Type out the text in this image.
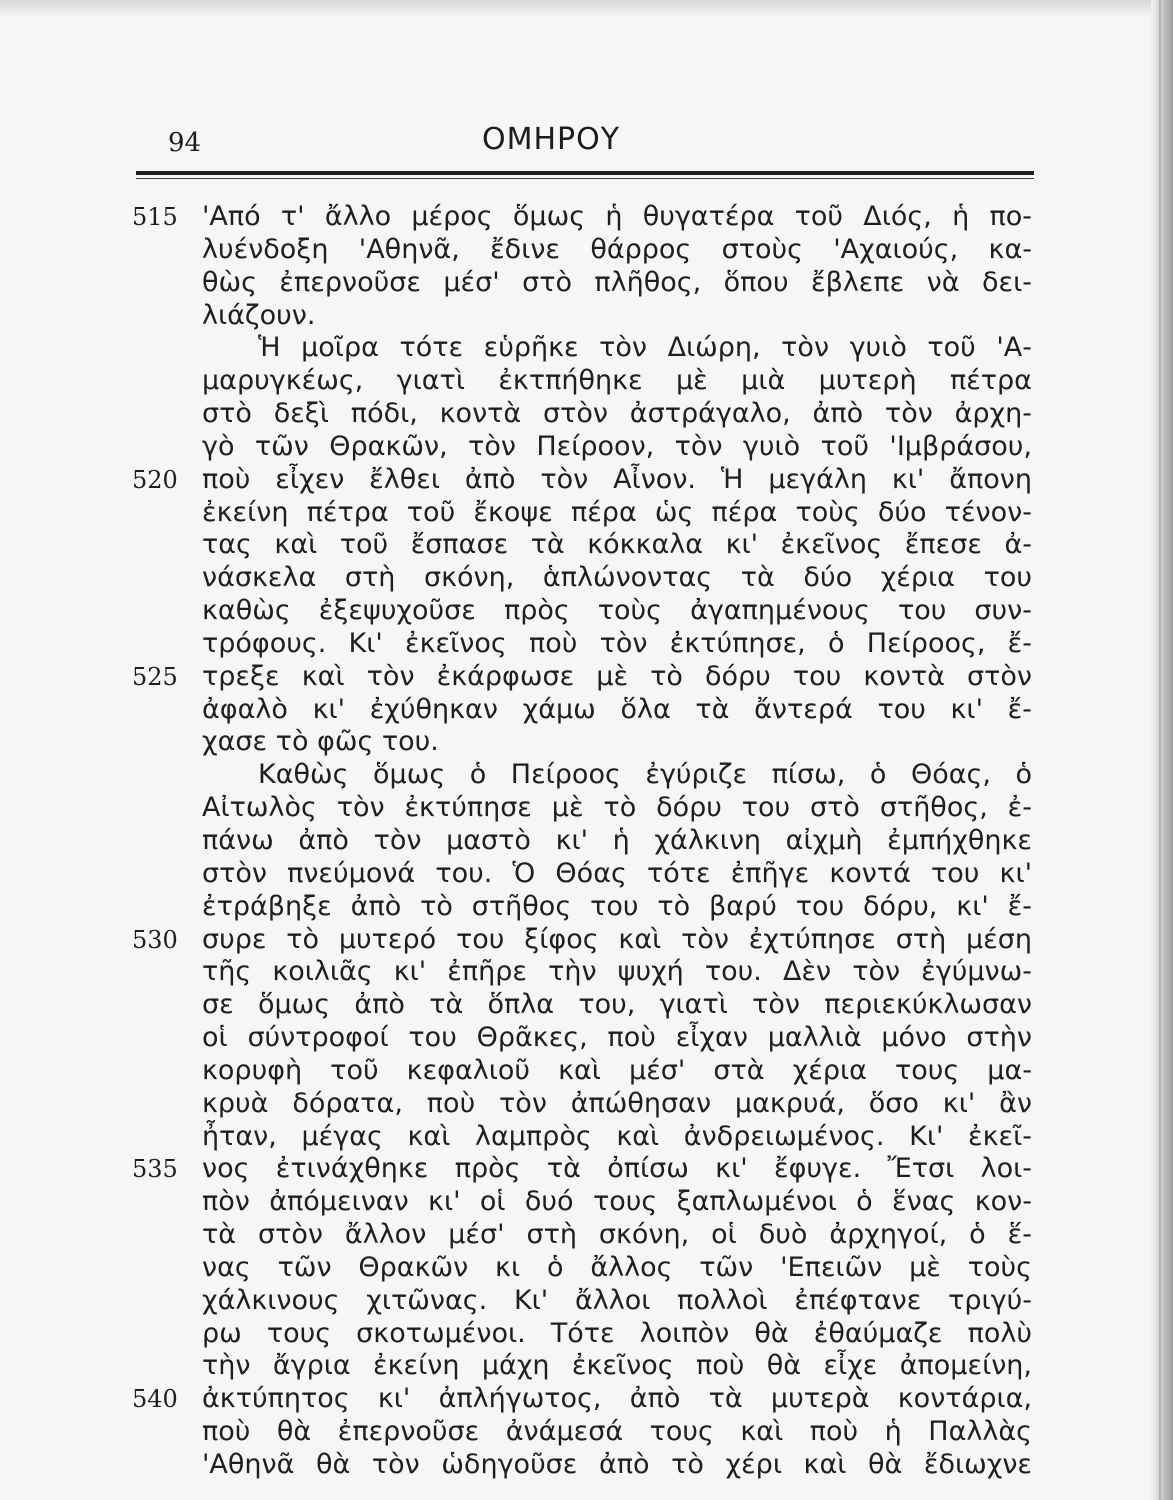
94	ΟΜΗΡΟΥ
515
520
525
530
535
540
'Από τ' ἄλλο μέρος ὅμως ἡ θυγατέρα τοῦ Διός, ἡ πο-
λυένδοξη 'Αθηνᾶ, ἔδινε θάρρος στοὺς 'Αχαιούς, κα-
θὼς ἐπερνοῦσε μέσ' στὸ πλῆθος, ὅπου ἔβλεπε νὰ δει-
λιάζουν.
Ἡ μοῖρα τότε εὑρῆκε τὸν Διώρη, τὸν γυιὸ τοῦ 'Α-
μαρυγκέως, γιατὶ ἐκτπήθηκε μὲ μιὰ μυτερὴ πέτρα
στὸ δεξὶ πόδι, κοντὰ στὸν ἀστράγαλο, ἀπὸ τὸν ἀρχη-
γὸ τῶν Θρακῶν, τὸν Πείροον, τὸν γυιὸ τοῦ 'Ιμβράσου,
ποὺ εἶχεν ἔλθει ἀπὸ τὸν Αἶνον. Ἡ μεγάλη κι' ἄπονη
ἐκείνη πέτρα τοῦ ἔκοψε πέρα ὡς πέρα τοὺς δύο τένον-
τας καὶ τοῦ ἔσπασε τὰ κόκκαλα κι' ἐκεῖνος ἔπεσε ἀ-
νάσκελα στὴ σκόνη, ἁπλώνοντας τὰ δύο χέρια του
καθὼς ἐξεψυχοῦσε πρὸς τοὺς ἀγαπημένους του συν-
τρόφους. Κι' ἐκεῖνος ποὺ τὸν ἐκτύπησε, ὁ Πείροος, ἔ-
τρεξε καὶ τὸν ἐκάρφωσε μὲ τὸ δόρυ του κοντὰ στὸν
ἀφαλὸ κι' ἐχύθηκαν χάμω ὅλα τὰ ἄντερά του κι' ἔ-
χασε τὸ φῶς του.
Καθὼς ὅμως ὁ Πείροος ἐγύριζε πίσω, ὁ Θόας, ὁ
Αἰτωλὸς τὸν ἐκτύπησε μὲ τὸ δόρυ του στὸ στῆθος, ἐ-
πάνω ἀπὸ τὸν μαστὸ κι' ἡ χάλκινη αἰχμὴ ἐμπήχθηκε
στὸν πνεύμονά του. Ὁ Θόας τότε ἐπῆγε κοντά του κι'
ἐτράβηξε ἀπὸ τὸ στῆθος του τὸ βαρύ του δόρυ, κι' ἔ-
συρε τὸ μυτερό του ξίφος καὶ τὸν ἐχτύπησε στὴ μέση
τῆς κοιλιᾶς κι' ἐπῆρε τὴν ψυχή του. Δὲν τὸν ἐγύμνω-
σε ὅμως ἀπὸ τὰ ὅπλα του, γιατὶ τὸν περιεκύκλωσαν
οἱ σύντροφοί του Θρᾶκες, ποὺ εἶχαν μαλλιὰ μόνο στὴν
κορυφὴ τοῦ κεφαλιοῦ καὶ μέσ' στὰ χέρια τους μα-
κρυὰ δόρατα, ποὺ τὸν ἀπώθησαν μακρυά, ὅσο κι' ἂν
ἦταν, μέγας καὶ λαμπρὸς καὶ ἀνδρειωμένος. Κι' ἐκεῖ-
νος ἐτινάχθηκε πρὸς τὰ ὀπίσω κι' ἔφυγε. Ἔτσι λοι-
πὸν ἀπόμειναν κι' οἱ δυό τους ξαπλωμένοι ὁ ἕνας κον-
τὰ στὸν ἄλλον μέσ' στὴ σκόνη, οἱ δυὸ ἀρχηγοί, ὁ ἕ-
νας τῶν Θρακῶν κι ὁ ἄλλος τῶν 'Επειῶν μὲ τοὺς
χάλκινους χιτῶνας. Κι' ἄλλοι πολλοὶ ἐπέφτανε τριγύ-
ρω τους σκοτωμένοι. Τότε λοιπὸν θὰ ἐθαύμαζε πολὺ
τὴν ἄγρια ἐκείνη μάχη ἐκεῖνος ποὺ θὰ εἶχε ἀπομείνη,
ἀκτύπητος κι' ἀπλήγωτος, ἀπὸ τὰ μυτερὰ κοντάρια,
ποὺ θὰ ἐπερνοῦσε ἀνάμεσά τους καὶ ποὺ ἡ Παλλὰς
'Αθηνᾶ θὰ τὸν ὡδηγοῦσε ἀπὸ τὸ χέρι καὶ θὰ ἔδιωχνε
